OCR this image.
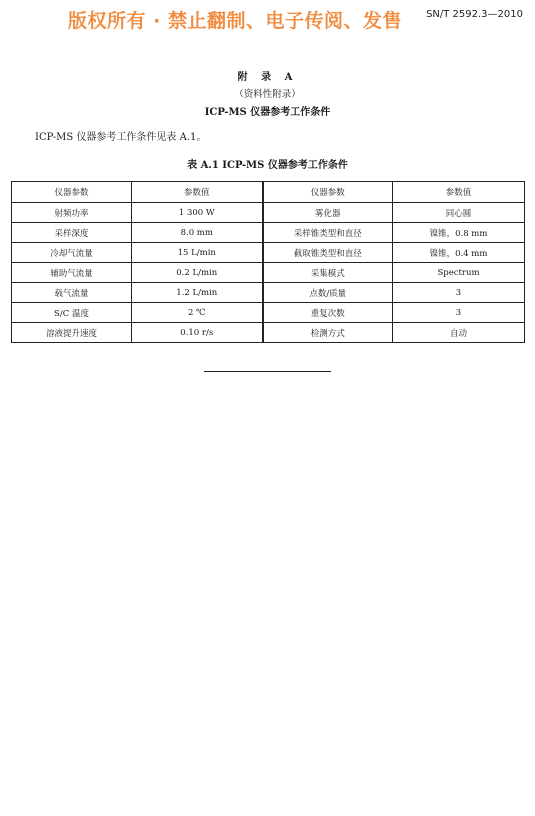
版权所有 · 禁止翻制、电子传阅、发售 SN/T 2592.3—2010
附 录 A
（资料性附录）
ICP-MS 仪器参考工作条件
ICP-MS 仪器参考工作条件见表 A.1。
表 A.1 ICP-MS 仪器参考工作条件
仪器参数	参数值	仪器参数	参数值
射频功率	1 300 W	雾化器	同心圆
采样深度	8.0 mm	采样锥类型和直径	镍锥，0.8 mm
冷却气流量	15 L/min	截取锥类型和直径	镍锥，0.4 mm
辅助气流量	0.2 L/min	采集模式	Spectrum
载气流量	1.2 L/min	点数/质量	3
S/C 温度	2 ℃	重复次数	3
溶液提升速度	0.10 r/s	检测方式	自动
